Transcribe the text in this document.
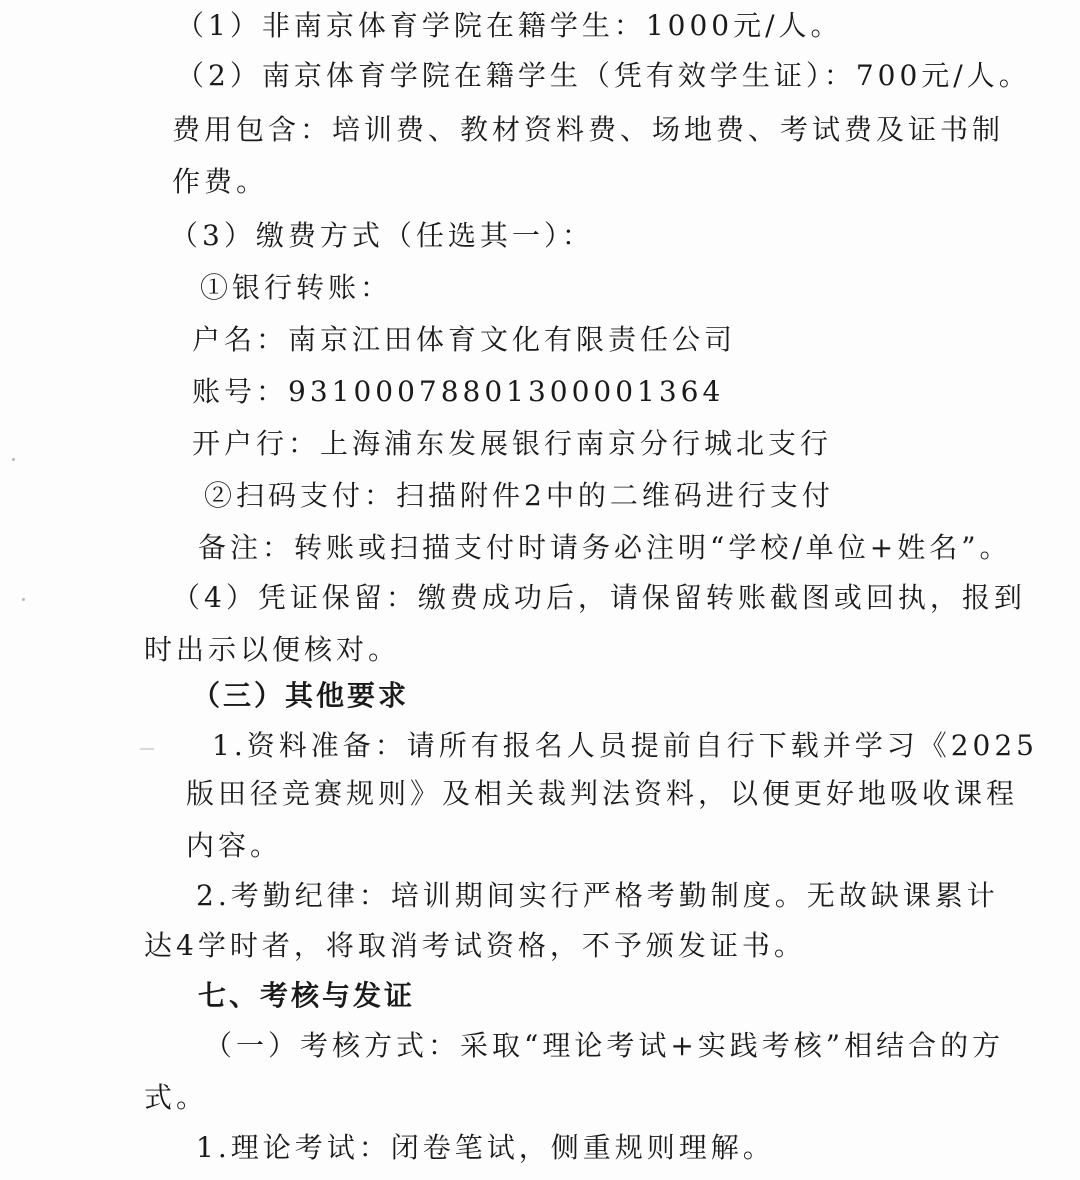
（1）非南京体育学院在籍学生：1000元/人。
（2）南京体育学院在籍学生（凭有效学生证）：700元/人。
费用包含：培训费、教材资料费、场地费、考试费及证书制
作费。
（3）缴费方式（任选其一）：
①银行转账：
户名：南京江田体育文化有限责任公司
账号：93100078801300001364
开户行：上海浦东发展银行南京分行城北支行
②扫码支付：扫描附件2中的二维码进行支付
备注：转账或扫描支付时请务必注明“学校/单位+姓名”。
（4）凭证保留：缴费成功后，请保留转账截图或回执，报到
时出示以便核对。
（三）其他要求
1.资料准备：请所有报名人员提前自行下载并学习《2025
版田径竞赛规则》及相关裁判法资料，以便更好地吸收课程
内容。
2.考勤纪律：培训期间实行严格考勤制度。无故缺课累计
达4学时者，将取消考试资格，不予颁发证书。
七、考核与发证
（一）考核方式：采取“理论考试+实践考核”相结合的方
式。
1.理论考试：闭卷笔试，侧重规则理解。
